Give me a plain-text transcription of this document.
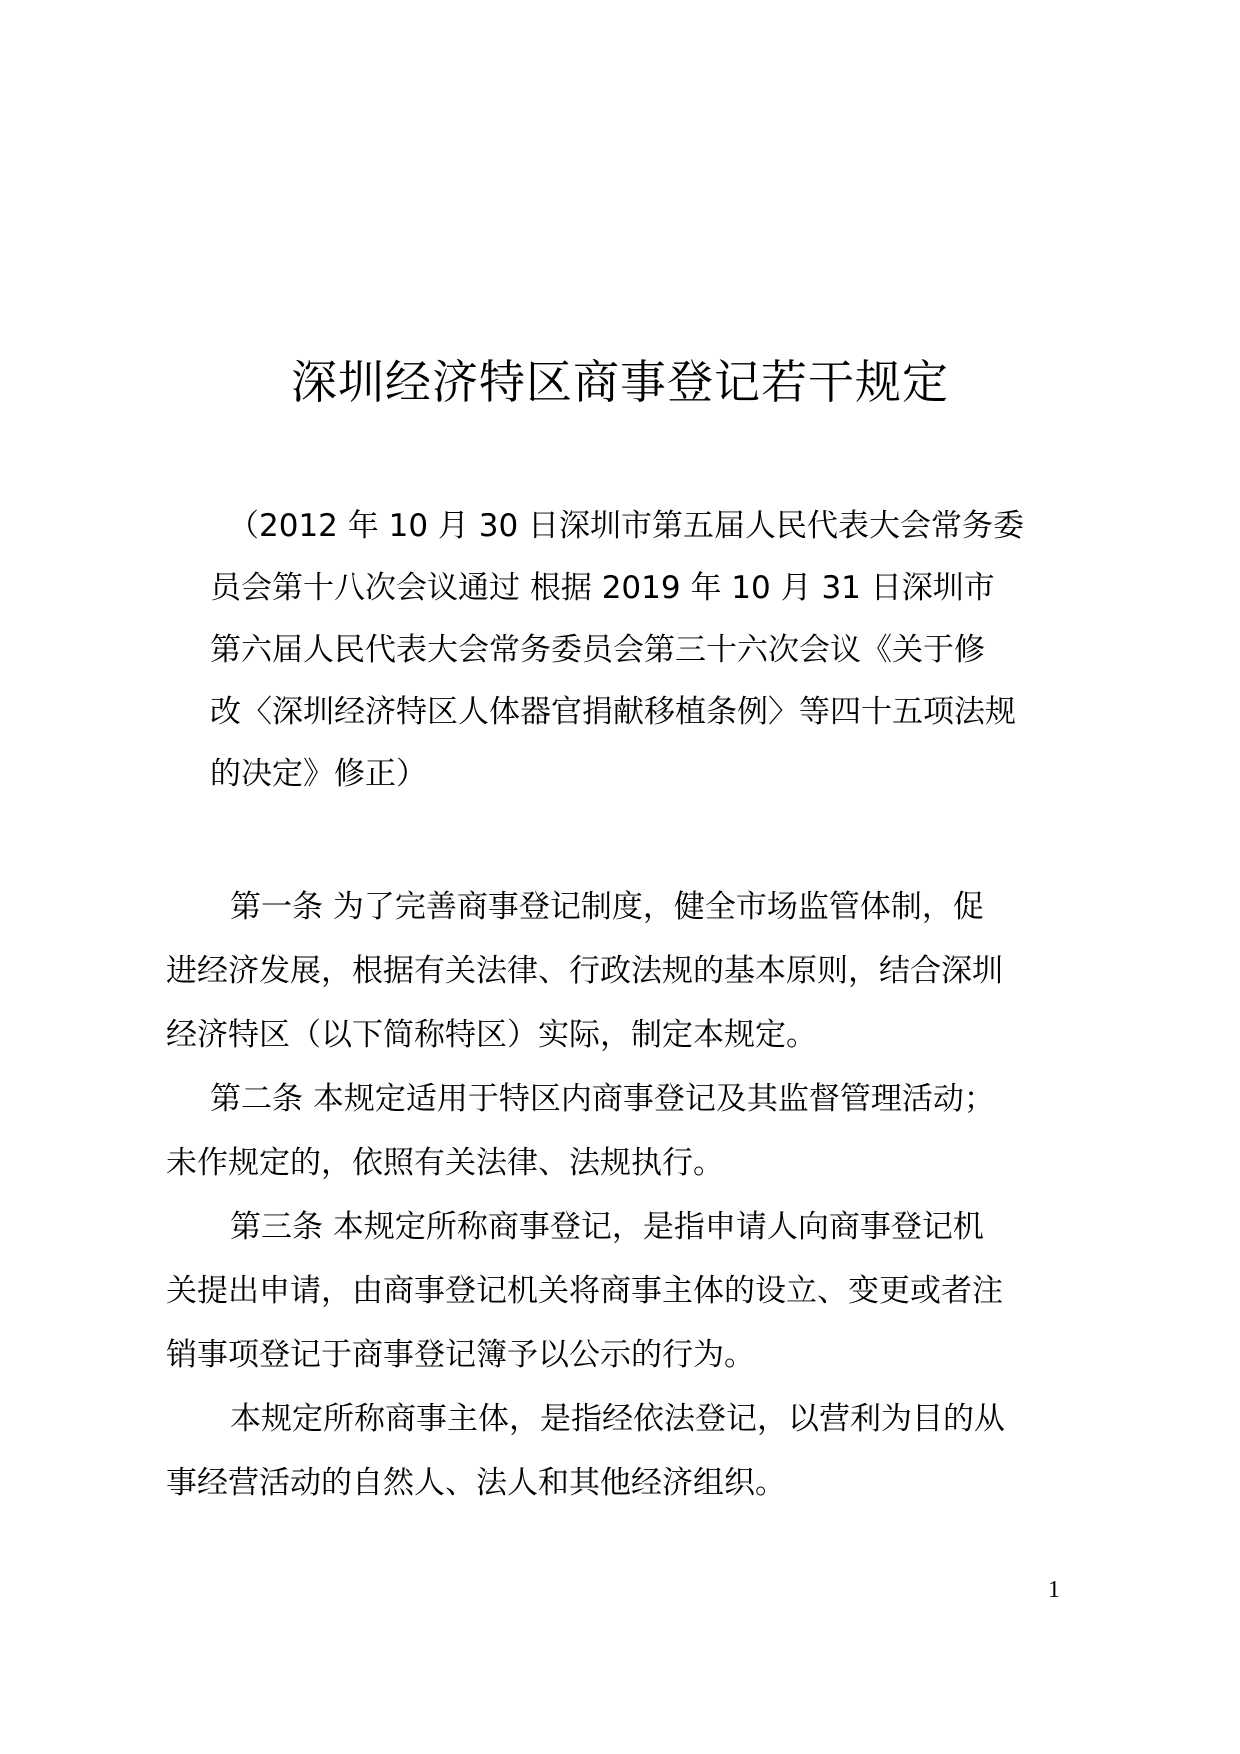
深圳经济特区商事登记若干规定
（2012 年 10 月 30 日深圳市第五届人民代表大会常务委
员会第十八次会议通过 根据 2019 年 10 月 31 日深圳市
第六届人民代表大会常务委员会第三十六次会议《关于修
改〈深圳经济特区人体器官捐献移植条例〉等四十五项法规
的决定》修正）
第一条 为了完善商事登记制度，健全市场监管体制，促
进经济发展，根据有关法律、行政法规的基本原则，结合深圳
经济特区（以下简称特区）实际，制定本规定。
第二条 本规定适用于特区内商事登记及其监督管理活动；
未作规定的，依照有关法律、法规执行。
第三条 本规定所称商事登记，是指申请人向商事登记机
关提出申请，由商事登记机关将商事主体的设立、变更或者注
销事项登记于商事登记簿予以公示的行为。
本规定所称商事主体，是指经依法登记，以营利为目的从
事经营活动的自然人、法人和其他经济组织。
1
